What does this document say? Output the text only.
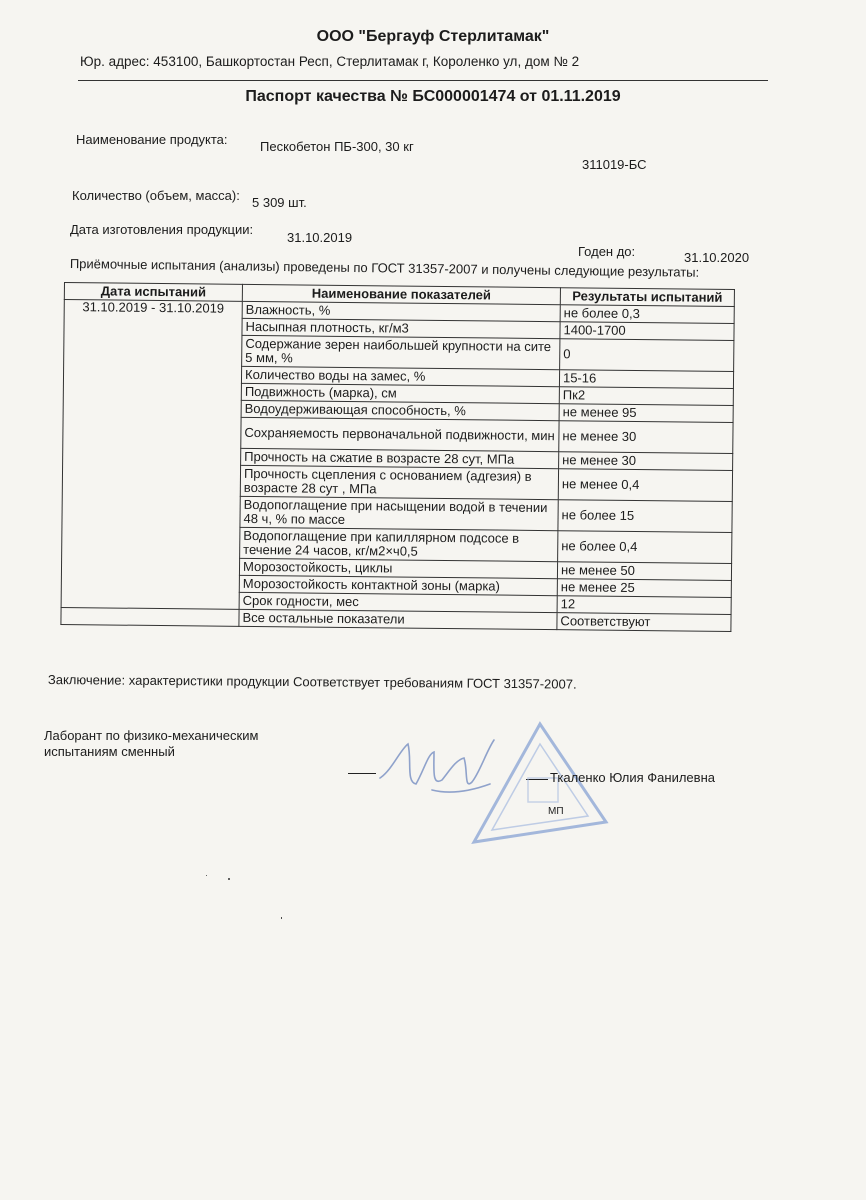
ООО "Бергауф Стерлитамак"
Юр. адрес: 453100, Башкортостан Респ, Стерлитамак г, Короленко ул, дом № 2
Паспорт качества № БС000001474 от 01.11.2019
Наименование продукта: Пескобетон ПБ-300, 30 кг
311019-БС
Количество (объем, масса): 5 309 шт.
Дата изготовления продукции:
31.10.2019
Годен до:	31.10.2020
Приёмочные испытания (анализы) проведены по ГОСТ 31357-2007 и получены следующие результаты:
Дата испытаний	Наименование показателей	Результаты испытаний
31.10.2019 - 31.10.2019	Влажность, %	не более 0,3
	Насыпная плотность, кг/м3	1400-1700
	Содержание зерен наибольшей крупности на сите 5 мм, %	0
	Количество воды на замес, %	15-16
	Подвижность (марка), см	Пк2
	Водоудерживающая способность, %	не менее 95
	Сохраняемость первоначальной подвижности, мин	не менее 30
	Прочность на сжатие в возрасте 28 сут, МПа	не менее 30
	Прочность сцепления с основанием (адгезия) в возрасте 28 сут , МПа	не менее 0,4
	Водопоглащение при насыщении водой в течении 48 ч, % по массе	не более 15
	Водопоглащение при капиллярном подсосе в течение 24 часов, кг/м2×ч0,5	не более 0,4
	Морозостойкость, циклы	не менее 50
	Морозостойкость контактной зоны (марка)	не менее 25
	Срок годности, мес	12
	Все остальные показатели	Соответствуют
Заключение: характеристики продукции Соответствует требованиям ГОСТ 31357-2007.
Лаборант по физико-механическим
испытаниям сменный
МП
Ткаленко Юлия Фанилевна
